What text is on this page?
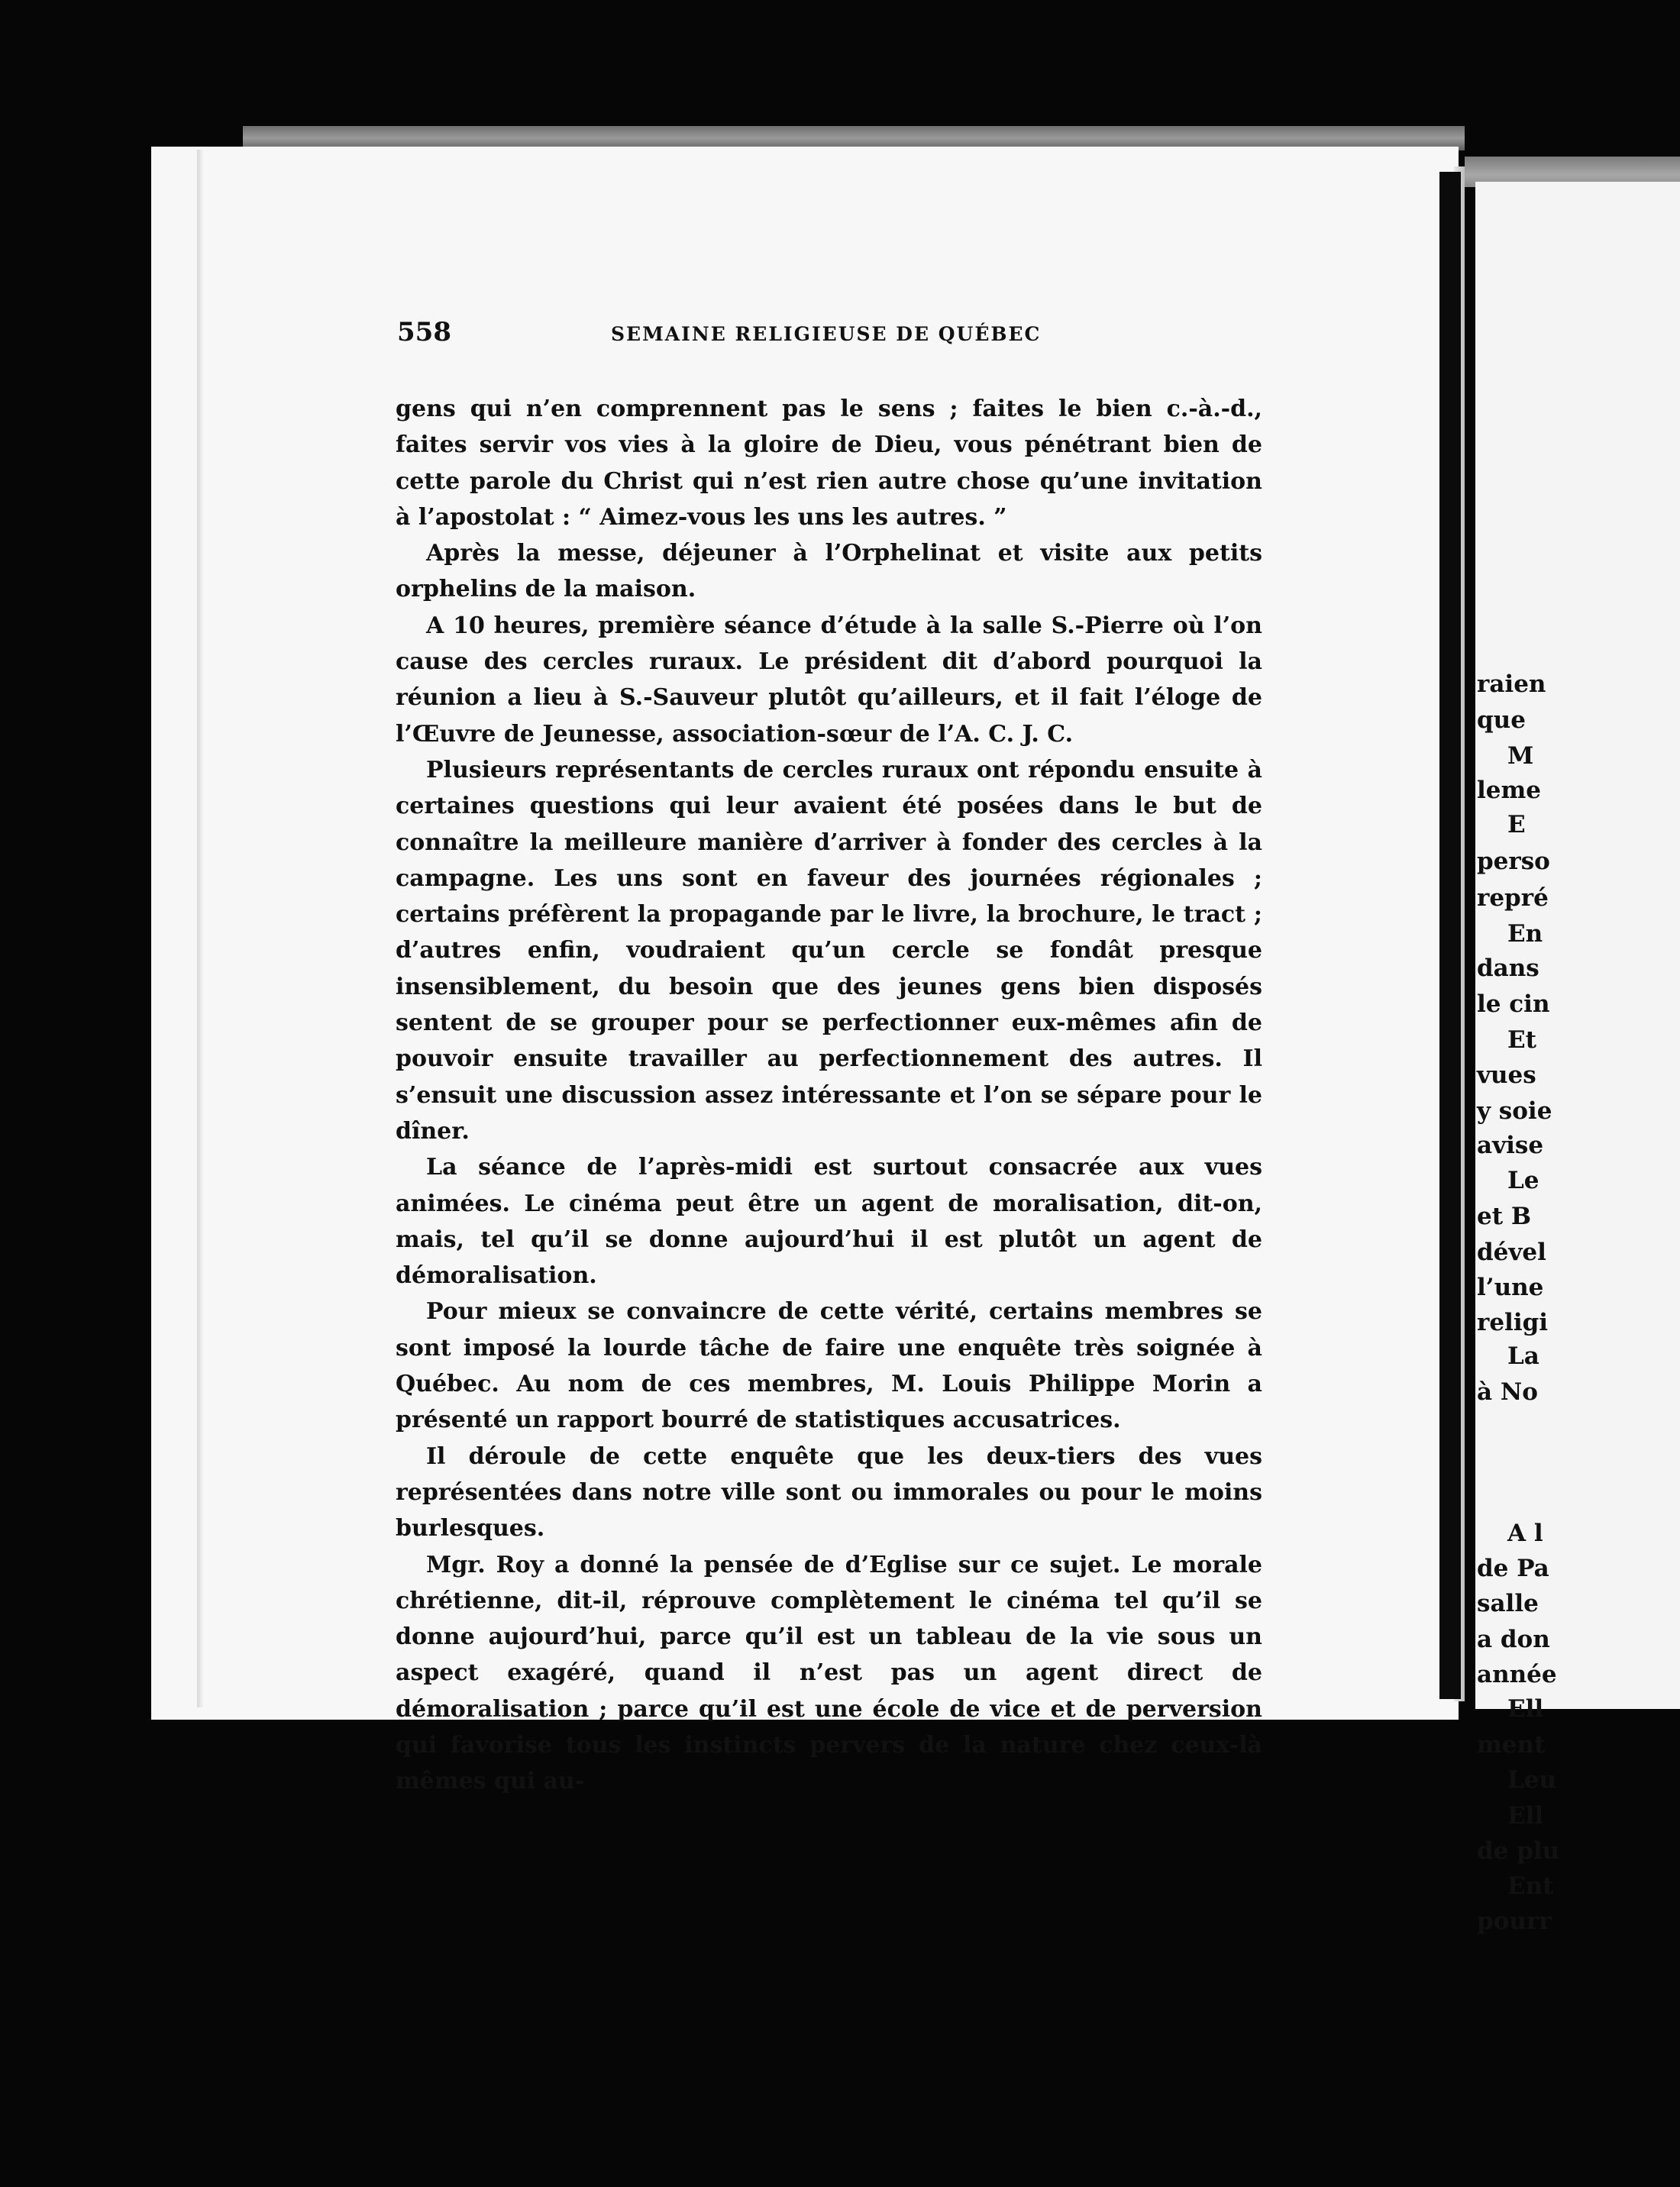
raien
que
M
leme
E
perso
repré
En
dans
le cin
Et
vues
y soie
avise
Le
et B
dével
l’une
religi
La
à No
A l
de Pa
salle
a don
année
Ell
ment
Leu
Ell
de plu
Ent
pourr
558	SEMAINE RELIGIEUSE DE QUÉBEC

gens qui n’en comprennent pas le sens ; faites le bien c.-à.-d., faites servir vos vies à la gloire de Dieu, vous pénétrant bien de cette parole du Christ qui n’est rien autre chose qu’une invitation à l’apostolat : “ Aimez-vous les uns les autres. ”

Après la messe, déjeuner à l’Orphelinat et visite aux petits orphelins de la maison.

A 10 heures, première séance d’étude à la salle S.-Pierre où l’on cause des cercles ruraux. Le président dit d’abord pourquoi la réunion a lieu à S.-Sauveur plutôt qu’ailleurs, et il fait l’éloge de l’Œuvre de Jeunesse, association-sœur de l’A. C. J. C.

Plusieurs représentants de cercles ruraux ont répondu ensuite à certaines questions qui leur avaient été posées dans le but de connaître la meilleure manière d’arriver à fonder des cercles à la campagne. Les uns sont en faveur des journées régionales ; certains préfèrent la propagande par le livre, la brochure, le tract ; d’autres enfin, voudraient qu’un cercle se fondât presque insensiblement, du besoin que des jeunes gens bien disposés sentent de se grouper pour se perfectionner eux-mêmes afin de pouvoir ensuite travailler au perfectionnement des autres. Il s’ensuit une discussion assez intéressante et l’on se sépare pour le dîner.

La séance de l’après-midi est surtout consacrée aux vues animées. Le cinéma peut être un agent de moralisation, dit-on, mais, tel qu’il se donne aujourd’hui il est plutôt un agent de démoralisation.

Pour mieux se convaincre de cette vérité, certains membres se sont imposé la lourde tâche de faire une enquête très soignée à Québec. Au nom de ces membres, M. Louis Philippe Morin a présenté un rapport bourré de statistiques accusatrices.

Il déroule de cette enquête que les deux-tiers des vues représentées dans notre ville sont ou immorales ou pour le moins burlesques.

Mgr. Roy a donné la pensée de d’Eglise sur ce sujet. Le morale chrétienne, dit-il, réprouve complètement le cinéma tel qu’il se donne aujourd’hui, parce qu’il est un tableau de la vie sous un aspect exagéré, quand il n’est pas un agent direct de démoralisation ; parce qu’il est une école de vice et de perversion qui favorise tous les instincts pervers de la nature chez ceux-là mêmes qui au-
